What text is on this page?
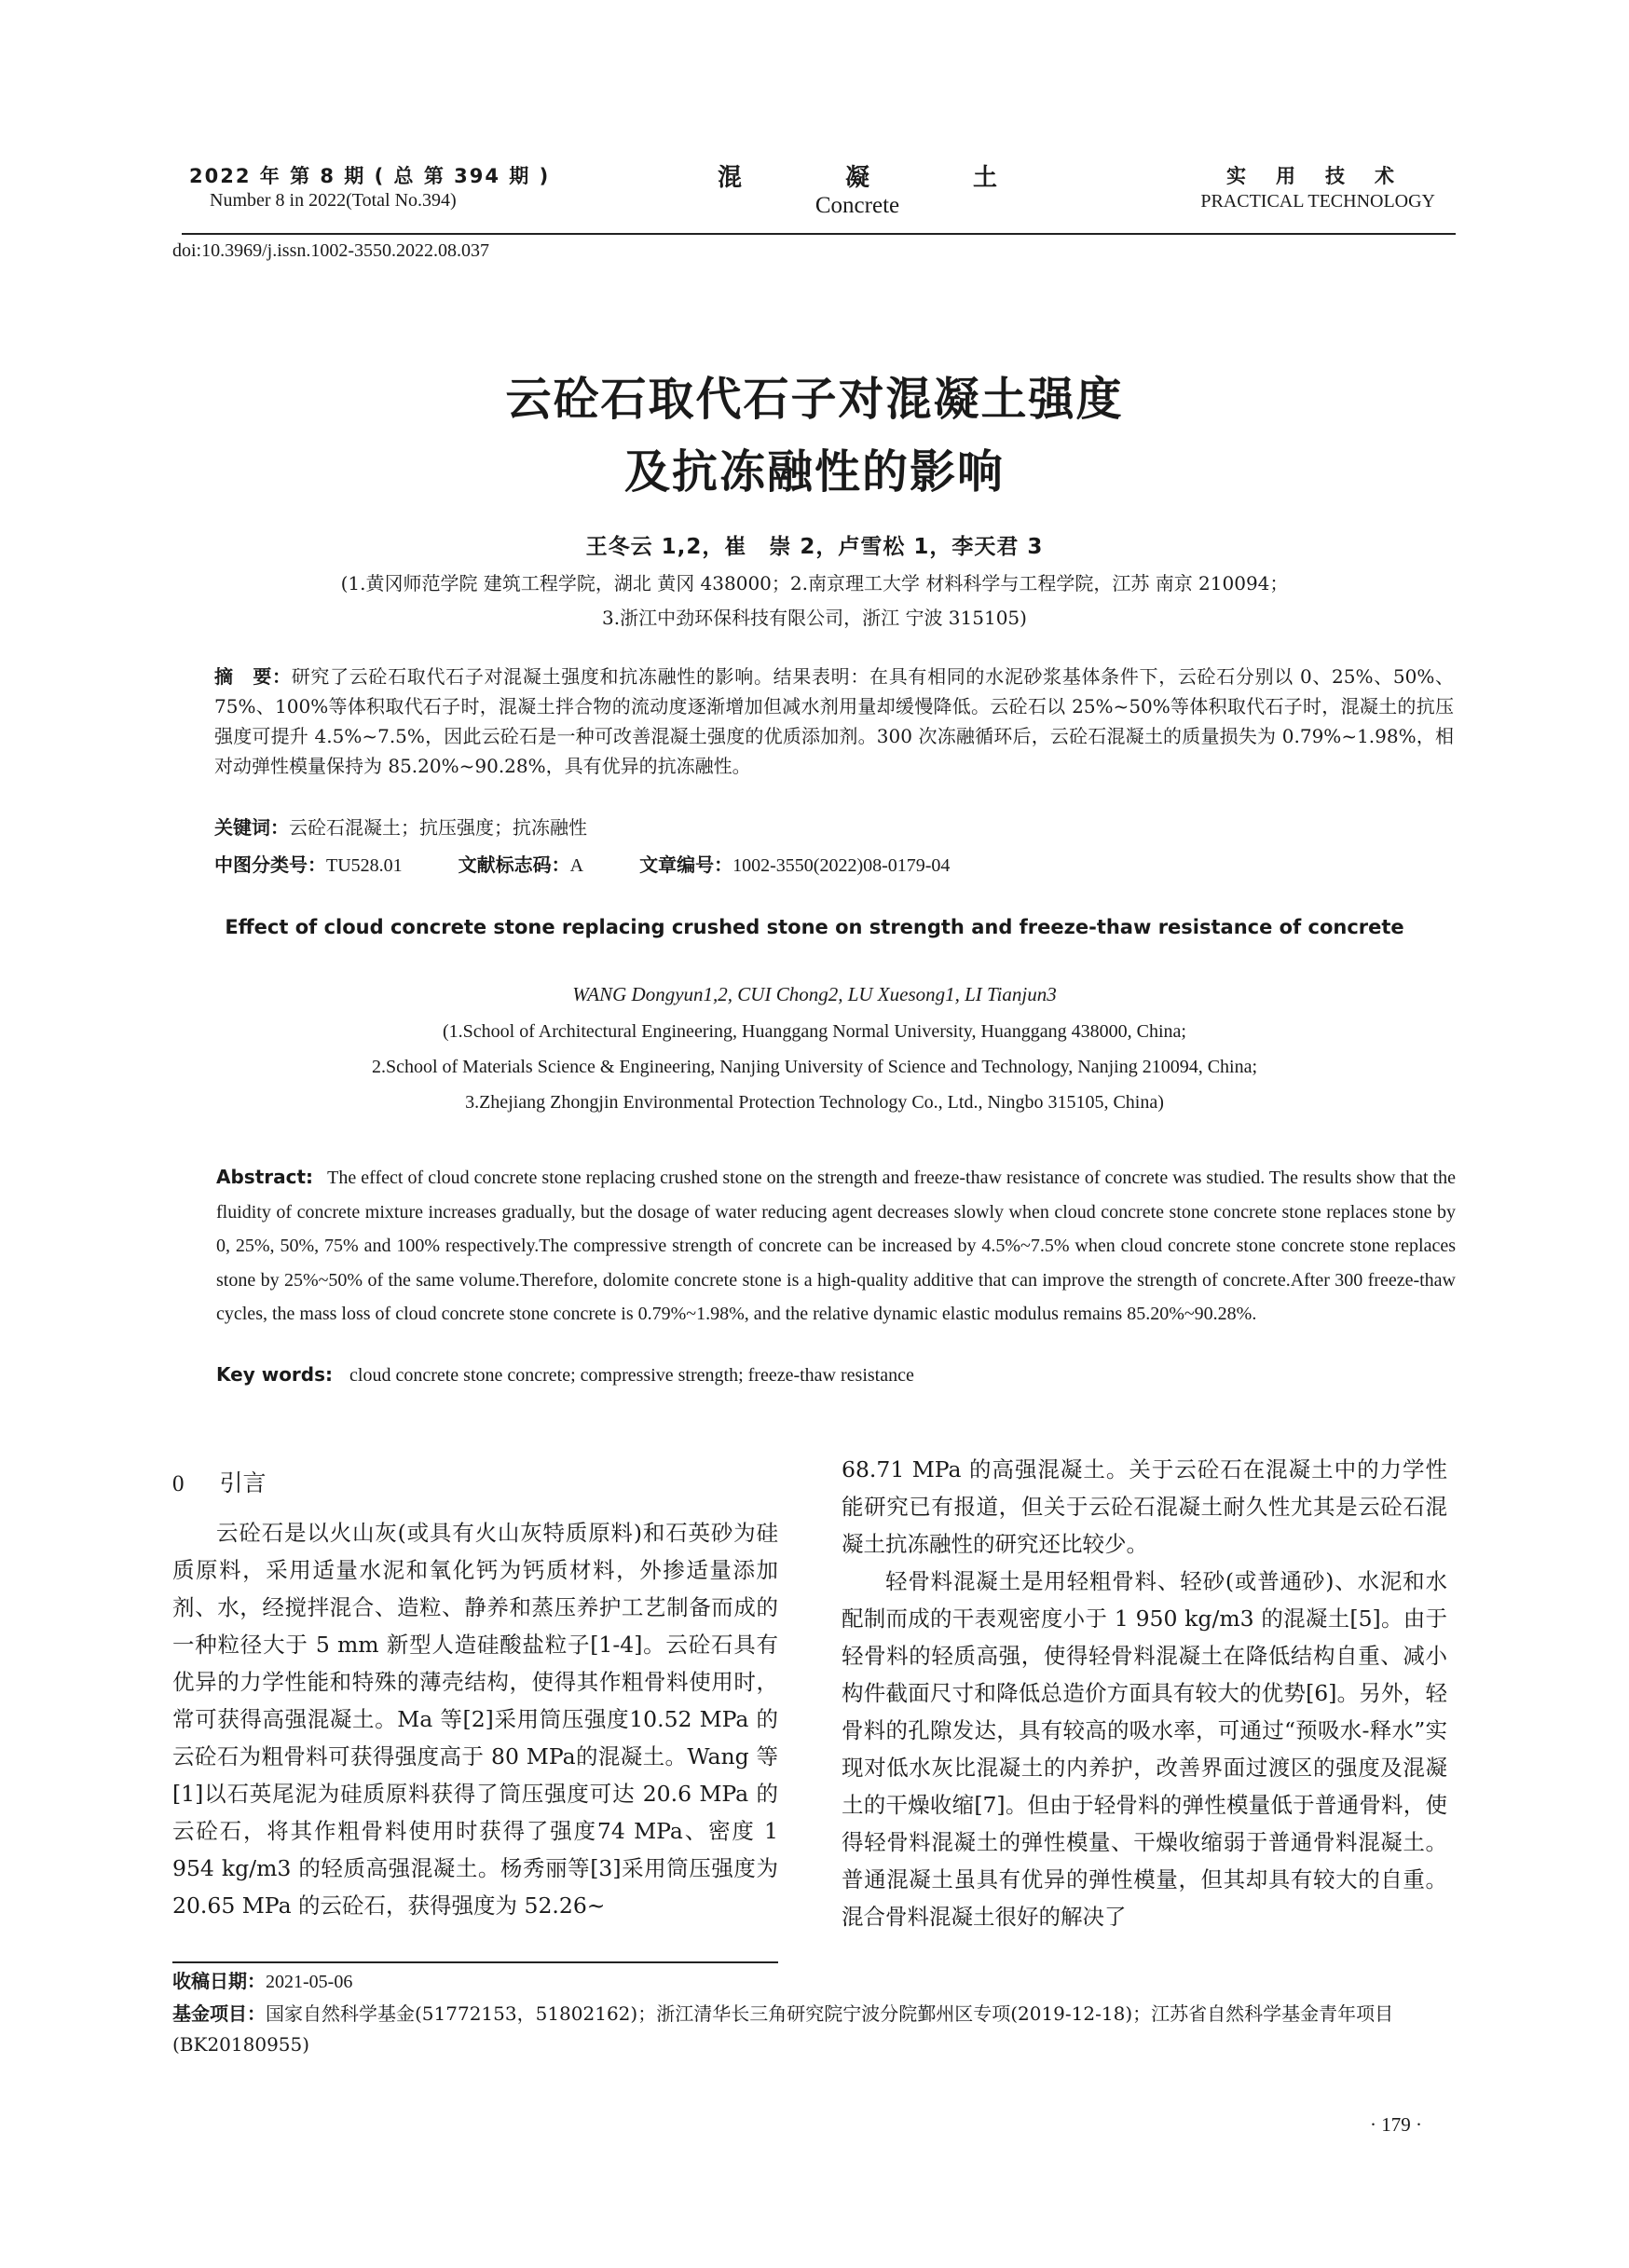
2022 年 第 8 期 ( 总 第 394 期 )
Number 8 in 2022(Total No.394)
混	凝	土
Concrete
实 用 技 术
PRACTICAL TECHNOLOGY
doi:10.3969/j.issn.1002-3550.2022.08.037
云砼石取代石子对混凝土强度
及抗冻融性的影响
王冬云 1,2，崔　崇 2，卢雪松 1，李天君 3
(1.黄冈师范学院 建筑工程学院，湖北 黄冈 438000；2.南京理工大学 材料科学与工程学院，江苏 南京 210094；
3.浙江中劲环保科技有限公司，浙江 宁波 315105)
摘　要：研究了云砼石取代石子对混凝土强度和抗冻融性的影响。结果表明：在具有相同的水泥砂浆基体条件下，云砼石分别以 0、25%、50%、75%、100%等体积取代石子时，混凝土拌合物的流动度逐渐增加但减水剂用量却缓慢降低。云砼石以 25%~50%等体积取代石子时，混凝土的抗压强度可提升 4.5%~7.5%，因此云砼石是一种可改善混凝土强度的优质添加剂。300 次冻融循环后，云砼石混凝土的质量损失为 0.79%~1.98%，相对动弹性模量保持为 85.20%~90.28%，具有优异的抗冻融性。
关键词：云砼石混凝土；抗压强度；抗冻融性
中图分类号：TU528.01	文献标志码：A	文章编号：1002-3550(2022)08-0179-04
Effect of cloud concrete stone replacing crushed stone on strength and freeze-thaw resistance of concrete
WANG Dongyun1,2, CUI Chong2, LU Xuesong1, LI Tianjun3
(1.School of Architectural Engineering, Huanggang Normal University, Huanggang 438000, China;
2.School of Materials Science & Engineering, Nanjing University of Science and Technology, Nanjing 210094, China;
3.Zhejiang Zhongjin Environmental Protection Technology Co., Ltd., Ningbo 315105, China)
Abstract: The effect of cloud concrete stone replacing crushed stone on the strength and freeze-thaw resistance of concrete was studied. The results show that the fluidity of concrete mixture increases gradually, but the dosage of water reducing agent decreases slowly when cloud concrete stone concrete stone replaces stone by 0, 25%, 50%, 75% and 100% respectively.The compressive strength of concrete can be increased by 4.5%~7.5% when cloud concrete stone concrete stone replaces stone by 25%~50% of the same volume.Therefore, dolomite concrete stone is a high-quality additive that can improve the strength of concrete.After 300 freeze-thaw cycles, the mass loss of cloud concrete stone concrete is 0.79%~1.98%, and the relative dynamic elastic modulus remains 85.20%~90.28%.
Key words: cloud concrete stone concrete; compressive strength; freeze-thaw resistance
0 引言

云砼石是以火山灰(或具有火山灰特质原料)和石英砂为硅质原料，采用适量水泥和氧化钙为钙质材料，外掺适量添加剂、水，经搅拌混合、造粒、静养和蒸压养护工艺制备而成的一种粒径大于 5 mm 新型人造硅酸盐粒子[1-4]。云砼石具有优异的力学性能和特殊的薄壳结构，使得其作粗骨料使用时，常可获得高强混凝土。Ma 等[2]采用筒压强度10.52 MPa 的云砼石为粗骨料可获得强度高于 80 MPa的混凝土。Wang 等[1]以石英尾泥为硅质原料获得了筒压强度可达 20.6 MPa 的云砼石，将其作粗骨料使用时获得了强度74 MPa、密度 1 954 kg/m3 的轻质高强混凝土。杨秀丽等[3]采用筒压强度为 20.65 MPa 的云砼石，获得强度为 52.26~

68.71 MPa 的高强混凝土。关于云砼石在混凝土中的力学性能研究已有报道，但关于云砼石混凝土耐久性尤其是云砼石混凝土抗冻融性的研究还比较少。

轻骨料混凝土是用轻粗骨料、轻砂(或普通砂)、水泥和水配制而成的干表观密度小于 1 950 kg/m3 的混凝土[5]。由于轻骨料的轻质高强，使得轻骨料混凝土在降低结构自重、减小构件截面尺寸和降低总造价方面具有较大的优势[6]。另外，轻骨料的孔隙发达，具有较高的吸水率，可通过“预吸水-释水”实现对低水灰比混凝土的内养护，改善界面过渡区的强度及混凝土的干燥收缩[7]。但由于轻骨料的弹性模量低于普通骨料，使得轻骨料混凝土的弹性模量、干燥收缩弱于普通骨料混凝土。普通混凝土虽具有优异的弹性模量，但其却具有较大的自重。混合骨料混凝土很好的解决了

收稿日期：2021-05-06
基金项目：国家自然科学基金(51772153，51802162)；浙江清华长三角研究院宁波分院鄞州区专项(2019-12-18)；江苏省自然科学基金青年项目(BK20180955)
· 179 ·
